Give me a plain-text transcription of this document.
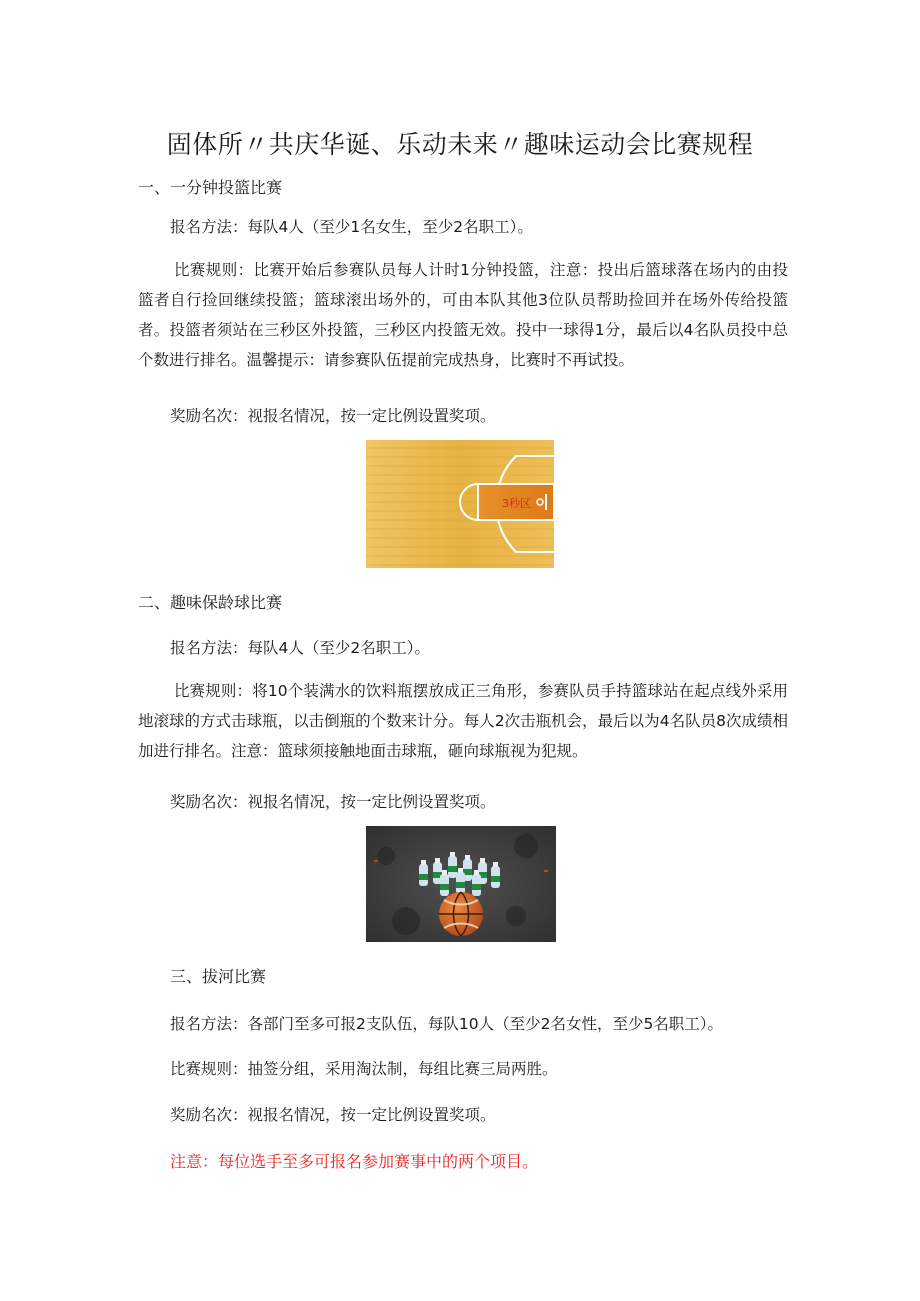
固体所〃共庆华诞、乐动未来〃趣味运动会比赛规程
一、一分钟投篮比赛
报名方法：每队4人（至少1名女生，至少2名职工）。
比赛规则：比赛开始后参赛队员每人计时1分钟投篮，注意：投出后篮球落在场内的由投篮者自行捡回继续投篮；篮球滚出场外的，可由本队其他3位队员帮助捡回并在场外传给投篮者。投篮者须站在三秒区外投篮，三秒区内投篮无效。投中一球得1分，最后以4名队员投中总个数进行排名。温馨提示：请参赛队伍提前完成热身，比赛时不再试投。
奖励名次：视报名情况，按一定比例设置奖项。
3秒区
二、趣味保龄球比赛
报名方法：每队4人（至少2名职工）。
比赛规则：将10个装满水的饮料瓶摆放成正三角形，参赛队员手持篮球站在起点线外采用地滚球的方式击球瓶，以击倒瓶的个数来计分。每人2次击瓶机会，最后以为4名队员8次成绩相加进行排名。注意：篮球须接触地面击球瓶，砸向球瓶视为犯规。
奖励名次：视报名情况，按一定比例设置奖项。
三、拔河比赛
报名方法：各部门至多可报2支队伍，每队10人（至少2名女性，至少5名职工）。
比赛规则：抽签分组，采用淘汰制，每组比赛三局两胜。
奖励名次：视报名情况，按一定比例设置奖项。
注意：每位选手至多可报名参加赛事中的两个项目。
